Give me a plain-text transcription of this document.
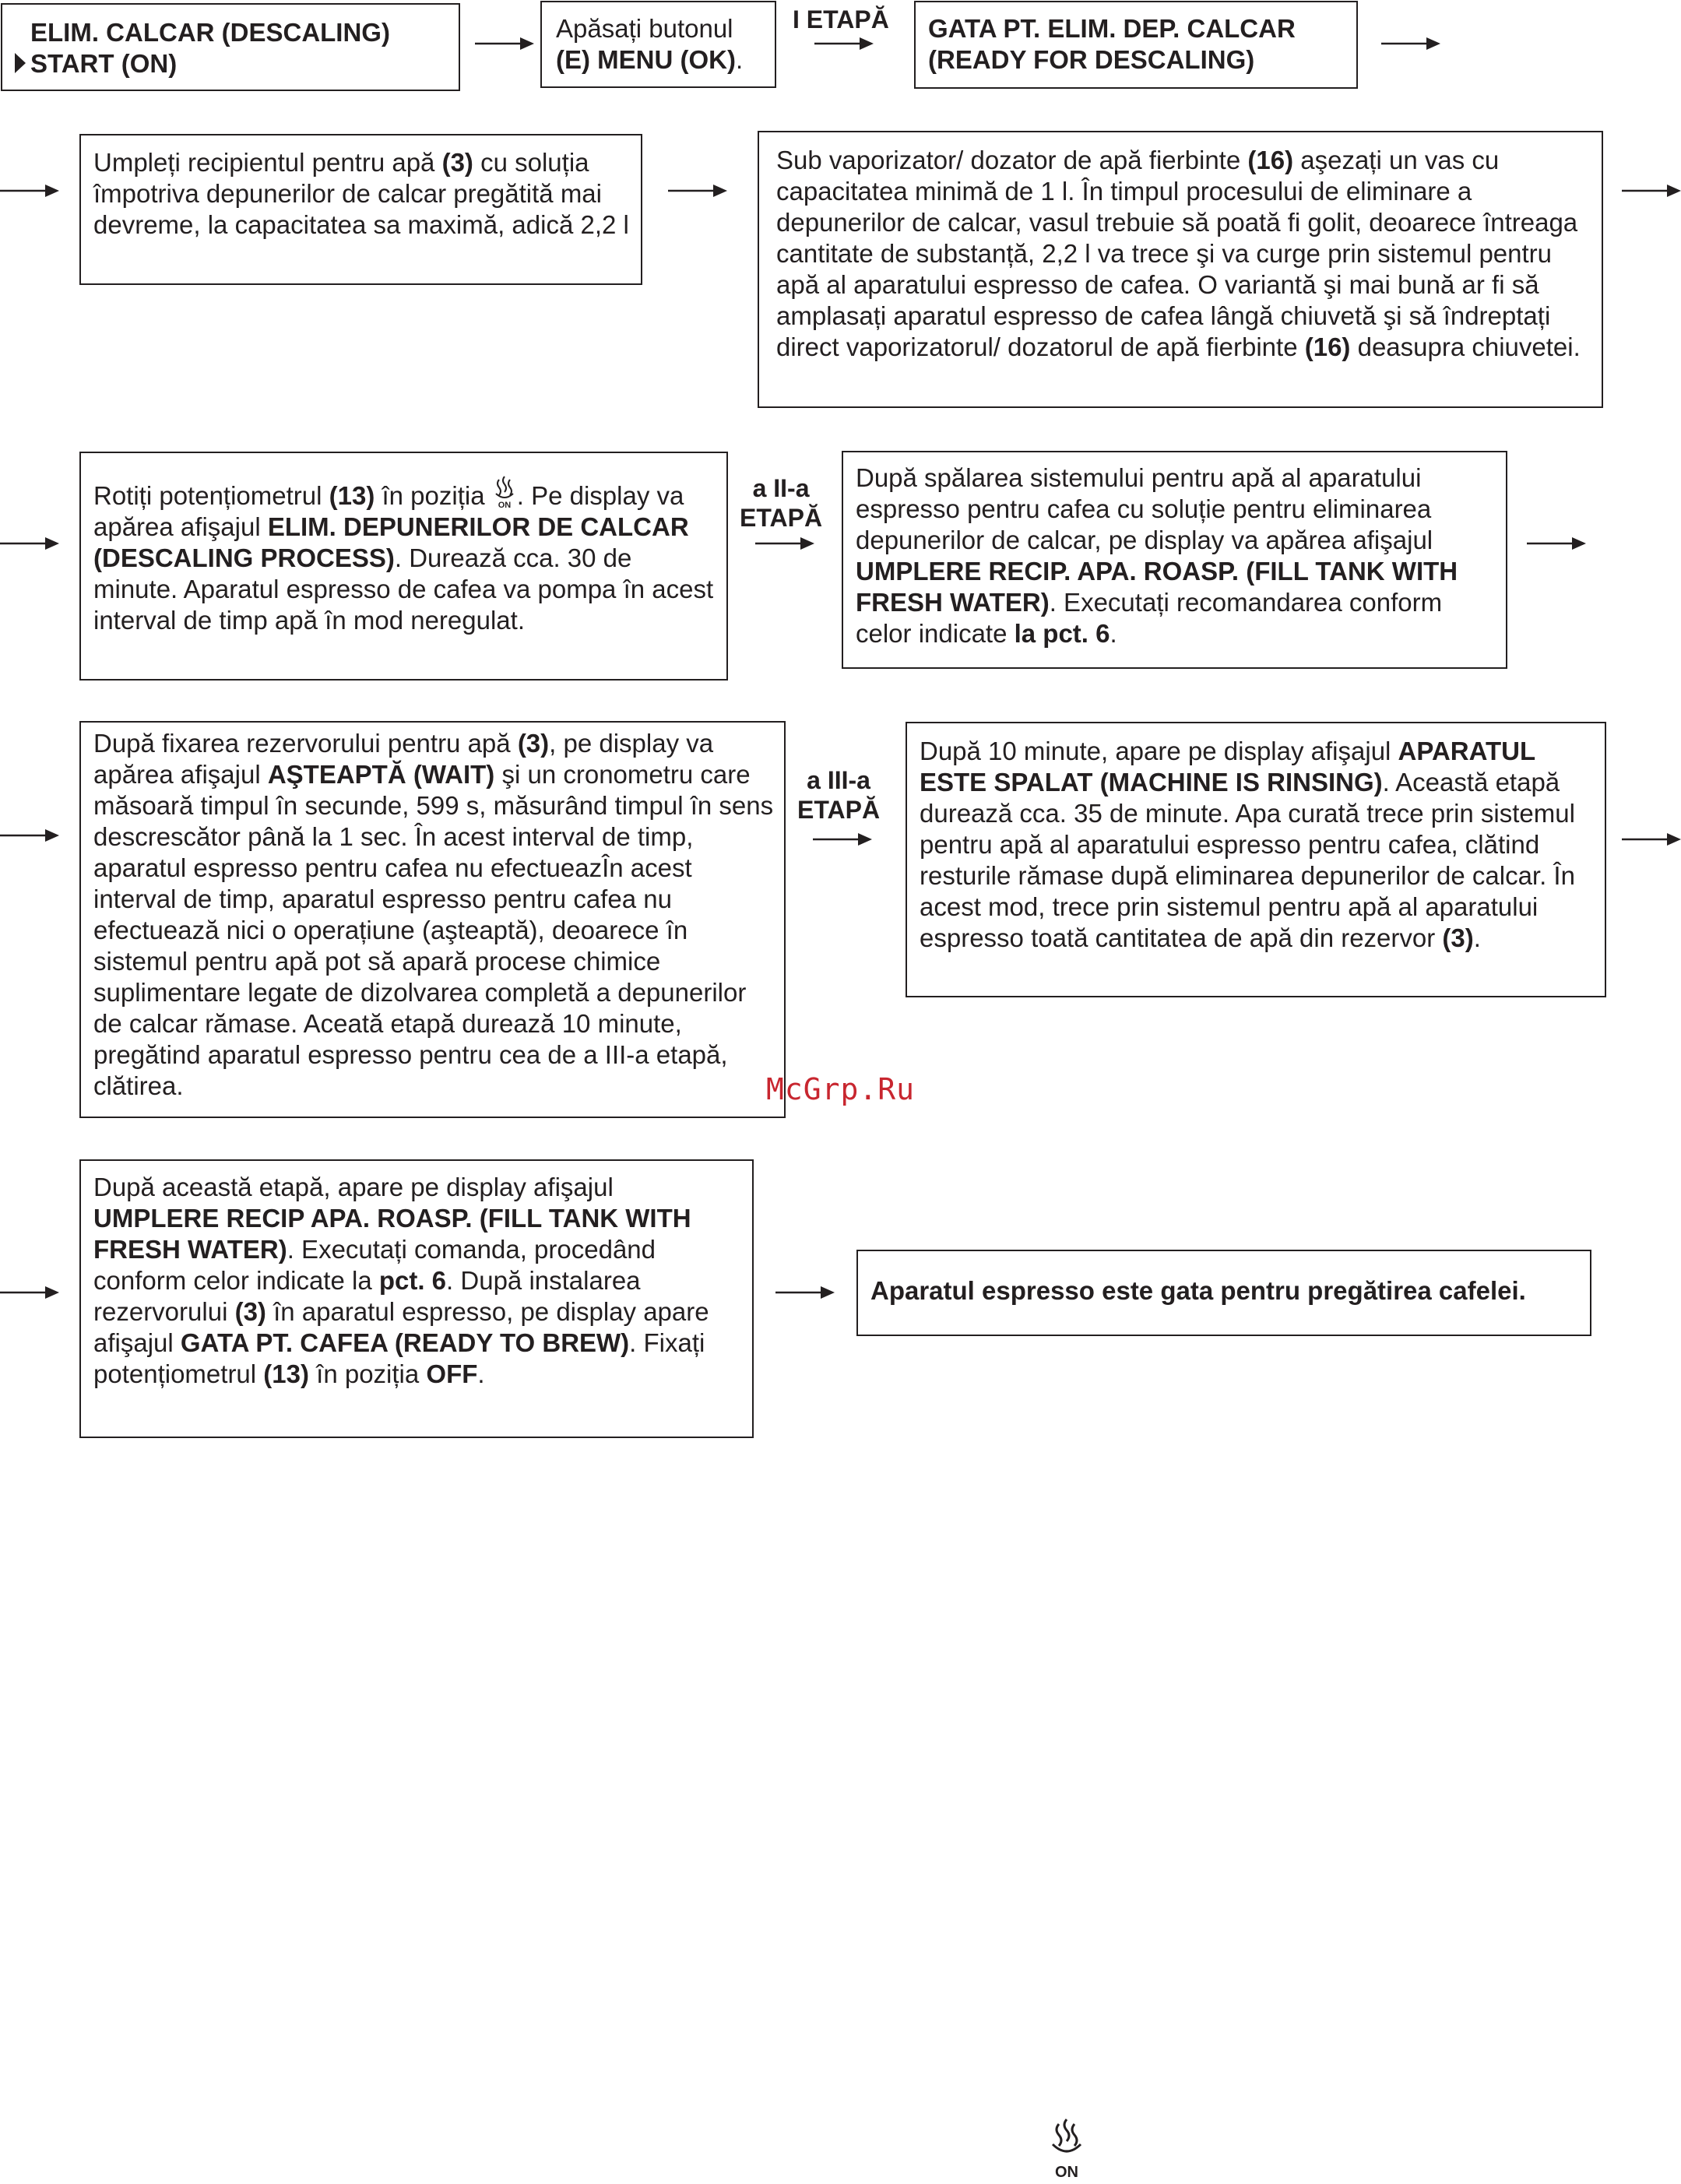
ELIM. CALCAR (DESCALING)

START (ON)

Apăsați butonul

(E) MENU (OK).

I ETAPĂ GATA PT. ELIM. DEP. CALCAR

(READY FOR DESCALING)

Umpleți recipientul pentru apă (3) cu soluția împotriva depunerilor de calcar pregătită mai devreme, la capacitatea sa maximă, adică 2,2 l

Sub vaporizator/ dozator de apă fierbinte (16) aşezați un vas cu capacitatea minimă de 1 l. În timpul procesului de eliminare a depunerilor de calcar, vasul trebuie să poată fi golit, deoarece întreaga cantitate de substanță, 2,2 l va trece şi va curge prin sistemul pentru apă al aparatului espresso de cafea. O variantă şi mai bună ar fi să amplasați aparatul espresso de cafea lângă chiuvetă şi să îndreptați direct vaporizatorul/ dozatorul de apă fierbinte (16) deasupra chiuvetei.

Rotiți potențiometrul (13) în poziția ON . Pe display va apărea afişajul ELIM. DEPUNERILOR DE CALCAR (DESCALING PROCESS). Durează cca. 30 de minute. Aparatul espresso de cafea va pompa în acest interval de timp apă în mod neregulat.

a II-a
ETAPĂ

După spălarea sistemului pentru apă al aparatului espresso pentru cafea cu soluție pentru eliminarea depunerilor de calcar, pe display va apărea afişajul UMPLERE RECIP. APA. ROASP. (FILL TANK WITH FRESH WATER). Executați recomandarea conform celor indicate la pct. 6.

După fixarea rezervorului pentru apă (3), pe display va apărea afişajul AŞTEAPTĂ (WAIT) şi un cronometru care măsoară timpul în secunde, 599 s, măsurând timpul în sens descrescător până la 1 sec. În acest interval de timp, aparatul espresso pentru cafea nu efectueazÎn acest interval de timp, aparatul espresso pentru cafea nu efectuează nici o operațiune (aşteaptă), deoarece în sistemul pentru apă pot să apară procese chimice suplimentare legate de dizolvarea completă a depunerilor de calcar rămase. Aceată etapă durează 10 minute, pregătind aparatul espresso pentru cea de a III-a etapă, clătirea.

a III-a
ETAPĂ

După 10 minute, apare pe display afişajul APARATUL ESTE SPALAT (MACHINE IS RINSING). Această etapă durează cca. 35 de minute. Apa curată trece prin sistemul pentru apă al aparatului espresso pentru cafea, clătind resturile rămase după eliminarea depunerilor de calcar. În acest mod, trece prin sistemul pentru apă al aparatului espresso toată cantitatea de apă din rezervor (3).

McGrp.Ru

După această etapă, apare pe display afişajul UMPLERE RECIP APA. ROASP. (FILL TANK WITH FRESH WATER). Executați comanda, procedând conform celor indicate la pct. 6. După instalarea rezervorului (3) în aparatul espresso, pe display apare afişajul GATA PT. CAFEA (READY TO BREW). Fixați potențiometrul (13) în poziția OFF.

Aparatul espresso este gata pentru pregătirea cafelei.

ON
